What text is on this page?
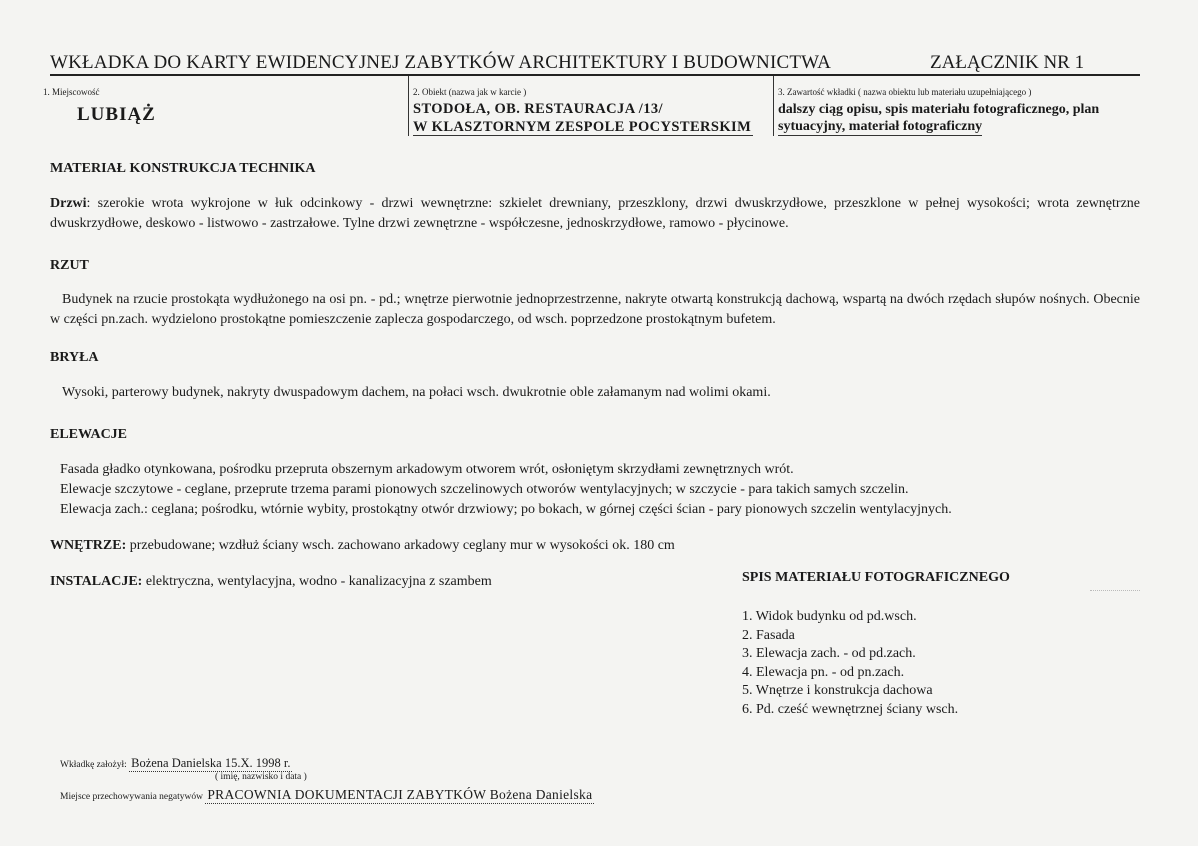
WKŁADKA DO KARTY EWIDENCYJNEJ ZABYTKÓW ARCHITEKTURY I BUDOWNICTWA	ZAŁĄCZNIK NR 1
1. Miejscowość
LUBIĄŻ
2. Obiekt (nazwa jak w karcie )
STODOŁA, OB. RESTAURACJA /13/
W KLASZTORNYM ZESPOLE POCYSTERSKIM
3. Zawartość wkładki ( nazwa obiektu lub materiału uzupełniającego )
dalszy ciąg opisu, spis materiału fotograficznego, plan
sytuacyjny, materiał fotograficzny
MATERIAŁ KONSTRUKCJA TECHNIKA
Drzwi: szerokie wrota wykrojone w łuk odcinkowy - drzwi wewnętrzne: szkielet drewniany, przeszklony, drzwi dwuskrzydłowe, przeszklone w pełnej wysokości; wrota zewnętrzne dwuskrzydłowe, deskowo - listwowo - zastrzałowe. Tylne drzwi zewnętrzne - współczesne, jednoskrzydłowe, ramowo - płycinowe.
RZUT
Budynek na rzucie prostokąta wydłużonego na osi pn. - pd.; wnętrze pierwotnie jednoprzestrzenne, nakryte otwartą konstrukcją dachową, wspartą na dwóch rzędach słupów nośnych. Obecnie w części pn.zach. wydzielono prostokątne pomieszczenie zaplecza gospodarczego, od wsch. poprzedzone prostokątnym bufetem.
BRYŁA
Wysoki, parterowy budynek, nakryty dwuspadowym dachem, na połaci wsch. dwukrotnie oble załamanym nad wolimi okami.
ELEWACJE
Fasada gładko otynkowana, pośrodku przepruta obszernym arkadowym otworem wrót, osłoniętym skrzydłami zewnętrznych wrót.
Elewacje szczytowe - ceglane, przeprute trzema parami pionowych szczelinowych otworów wentylacyjnych; w szczycie - para takich samych szczelin.
Elewacja zach.: ceglana; pośrodku, wtórnie wybity, prostokątny otwór drzwiowy; po bokach, w górnej części ścian - pary pionowych szczelin wentylacyjnych.
WNĘTRZE: przebudowane; wzdłuż ściany wsch. zachowano arkadowy ceglany mur w wysokości ok. 180 cm
INSTALACJE: elektryczna, wentylacyjna, wodno - kanalizacyjna z szambem	SPIS MATERIAŁU FOTOGRAFICZNEGO
1. Widok budynku od pd.wsch.
2. Fasada
3. Elewacja zach. - od pd.zach.
4. Elewacja pn. - od pn.zach.
5. Wnętrze i konstrukcja dachowa
6. Pd. cześć wewnętrznej ściany wsch.
Wkładkę założył: Bożena Danielska 15.X. 1998 r.
( imię, nazwisko i data )
Miejsce przechowywania negatywów PRACOWNIA DOKUMENTACJI ZABYTKÓW Bożena Danielska
